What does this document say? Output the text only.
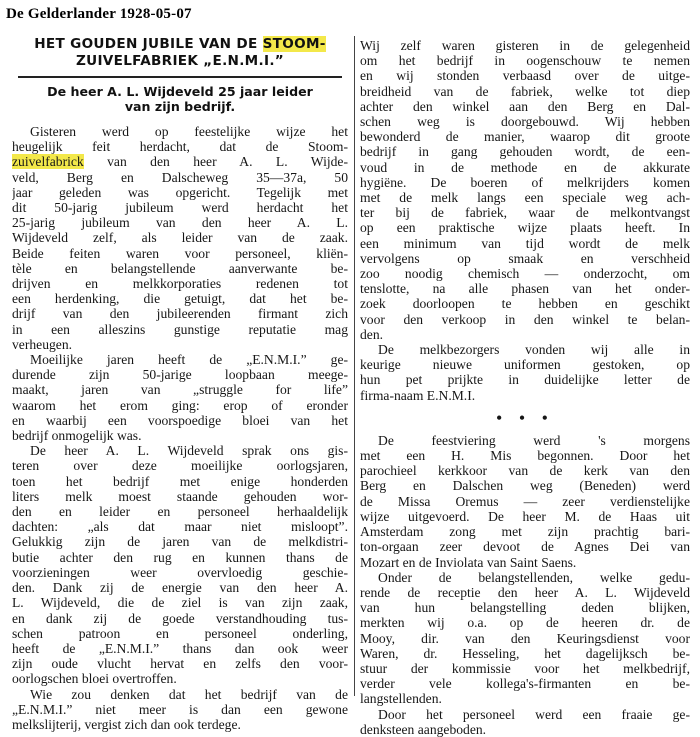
De Gelderlander 1928-05-07
HET GOUDEN JUBILE VAN DE STOOM-
ZUIVELFABRIEK „E.N.M.I.”
De heer A. L. Wijdeveld 25 jaar leider
van zijn bedrijf.
Gisteren werd op feestelijke wijze het
heugelijk feit herdacht, dat de Stoom-
zuivelfabrick van den heer A. L. Wijde-
veld, Berg en Dalscheweg 35—37a, 50
jaar geleden was opgericht. Tegelijk met
dit 50-jarig jubileum werd herdacht het
25-jarig jubileum van den heer A. L.
Wijdeveld zelf, als leider van de zaak.
Beide feiten waren voor personeel, kliën-
tèle en belangstellende aanverwante be-
drijven en melkkorporaties redenen tot
een herdenking, die getuigt, dat het be-
drijf van den jubileerenden firmant zich
in een alleszins gunstige reputatie mag
verheugen.
Moeilijke jaren heeft de „E.N.M.I.” ge-
durende zijn 50-jarige loopbaan meege-
maakt, jaren van „struggle for life”
waarom het erom ging: erop of eronder
en waarbij een voorspoedige bloei van het
bedrijf onmogelijk was.
De heer A. L. Wijdeveld sprak ons gis-
teren over deze moeilijke oorlogsjaren,
toen het bedrijf met enige honderden
liters melk moest staande gehouden wor-
den en leider en personeel herhaaldelijk
dachten: „als dat maar niet misloopt”.
Gelukkig zijn de jaren van de melkdistri-
butie achter den rug en kunnen thans de
voorzieningen weer overvloedig geschie-
den. Dank zij de energie van den heer A.
L. Wijdeveld, die de ziel is van zijn zaak,
en dank zij de goede verstandhouding tus-
schen patroon en personeel onderling,
heeft de „E.N.M.I.” thans dan ook weer
zijn oude vlucht hervat en zelfs den voor-
oorlogschen bloei overtroffen.
Wie zou denken dat het bedrijf van de
„E.N.M.I.” niet meer is dan een gewone
melkslijterij, vergist zich dan ook terdege.
Wij zelf waren gisteren in de gelegenheid
om het bedrijf in oogenschouw te nemen
en wij stonden verbaasd over de uitge-
breidheid van de fabriek, welke tot diep
achter den winkel aan den Berg en Dal-
schen weg is doorgebouwd. Wij hebben
bewonderd de manier, waarop dit groote
bedrijf in gang gehouden wordt, de een-
voud in de methode en de akkurate
hygiëne. De boeren of melkrijders komen
met de melk langs een speciale weg ach-
ter bij de fabriek, waar de melkontvangst
op een praktische wijze plaats heeft. In
een minimum van tijd wordt de melk
vervolgens op smaak en verschheid
zoo noodig chemisch — onderzocht, om
tenslotte, na alle phasen van het onder-
zoek doorloopen te hebben en geschikt
voor den verkoop in den winkel te belan-
den.
De melkbezorgers vonden wij alle in
keurige nieuwe uniformen gestoken, op
hun pet prijkte in duidelijke letter de
firma-naam E.N.M.I.
• • •
De feestviering werd 's morgens
met een H. Mis begonnen. Door het
parochieel kerkkoor van de kerk van den
Berg en Dalschen weg (Beneden) werd
de Missa Oremus — zeer verdienstelijke
wijze uitgevoerd. De heer M. de Haas uit
Amsterdam zong met zijn prachtig bari-
ton-orgaan zeer devoot de Agnes Dei van
Mozart en de Inviolata van Saint Saens.
Onder de belangstellenden, welke gedu-
rende de receptie den heer A. L. Wijdeveld
van hun belangstelling deden blijken,
merkten wij o.a. op de heeren dr. de
Mooy, dir. van den Keuringsdienst voor
Waren, dr. Hesseling, het dagelijksch be-
stuur der kommissie voor het melkbedrijf,
verder vele kollega's-firmanten en be-
langstellenden.
Door het personeel werd een fraaie ge-
denksteen aangeboden.
